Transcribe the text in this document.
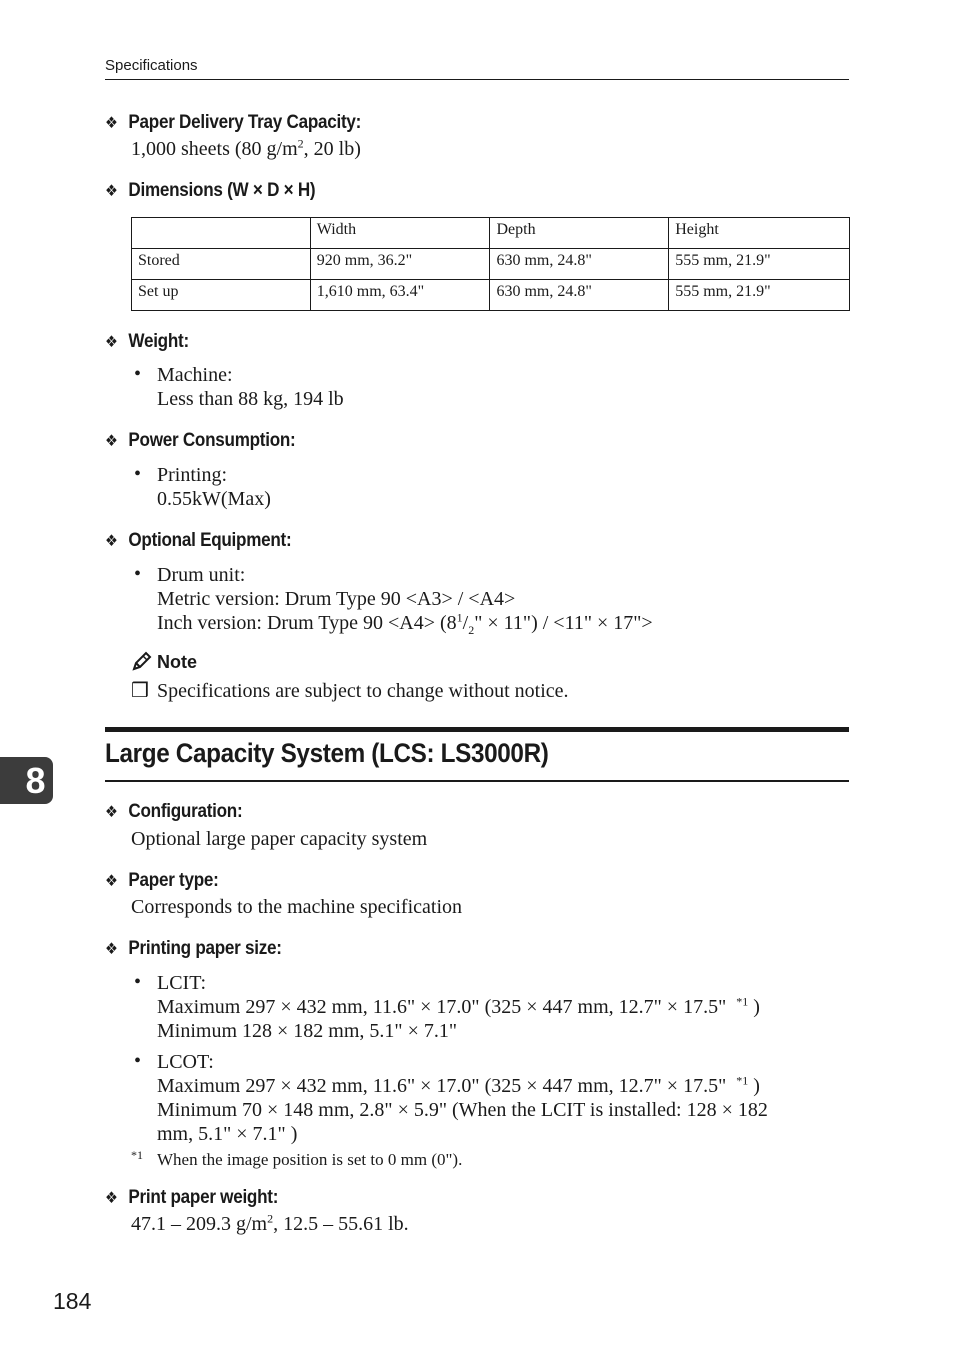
Specifications
❖ Paper Delivery Tray Capacity:
1,000 sheets (80 $g/m^2$, 20 lb)
❖ Dimensions (W × D × H)
	Width	Depth	Height
Stored	920 mm, 36.2"	630 mm, 24.8"	555 mm, 21.9"
Set up	1,610 mm, 63.4"	630 mm, 24.8"	555 mm, 21.9"
❖ Weight:
• Machine:
Less than 88 kg, 194 lb
❖ Power Consumption:
• Printing:
0.55kW(Max)
❖ Optional Equipment:
• Drum unit:
Metric version: Drum Type 90 <A3> / <A4>
Inch version: Drum Type $90 <A4> (8^1/_2$" × 11") / <11" × 17">
Note
❒ Specifications are subject to change without notice.
8
Large Capacity System (LCS: LS3000R)
❖ Configuration:
Optional large paper capacity system
❖ Paper type:
Corresponds to the machine specification
❖ Printing paper size:
• LCIT:
Maximum 297 × 432 mm, 11.6" × 17.0" (325 × 447 mm, 12.7" × 17.5" $^{*1}$ )
Minimum 128 × 182 mm, 5.1" × 7.1"
• LCOT:
Maximum 297 × 432 mm, 11.6" × 17.0" (325 × 447 mm, 12.7" × 17.5" $^{*1}$ )
Minimum 70 × 148 mm, 2.8" × 5.9" (When the LCIT is installed: 128 × 182
mm, 5.1" × 7.1" )
*1 When the image position is set to 0 mm (0").
❖ Print paper weight:
47.1 – 209.3 $g/m^2$, 12.5 – 55.61 lb.
184
